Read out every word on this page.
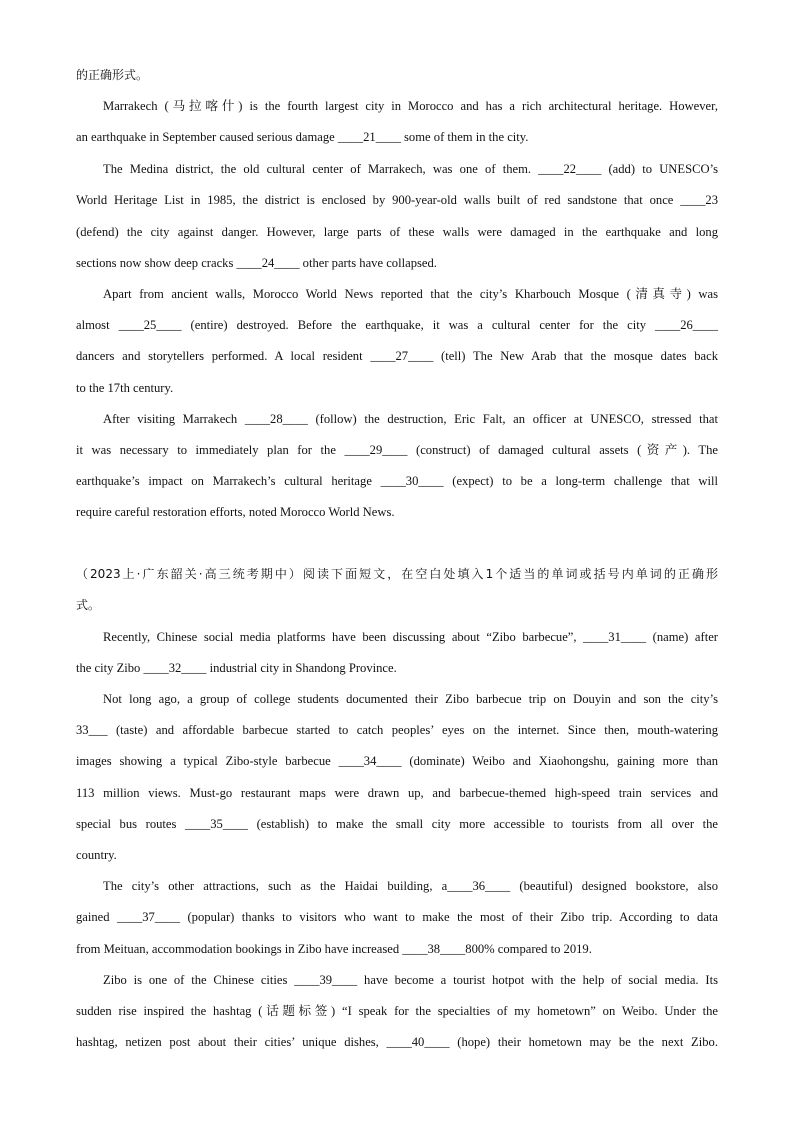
的正确形式。
Marrakech (马拉喀什) is the fourth largest city in Morocco and has a rich architectural heritage. However,
an earthquake in September caused serious damage ____21____ some of them in the city.
The Medina district, the old cultural center of Marrakech, was one of them. ____22____ (add) to UNESCO’s
World Heritage List in 1985, the district is enclosed by 900-year-old walls built of red sandstone that once ____23
(defend) the city against danger. However, large parts of these walls were damaged in the earthquake and long
sections now show deep cracks ____24____ other parts have collapsed.
Apart from ancient walls, Morocco World News reported that the city’s Kharbouch Mosque (清真寺) was
almost ____25____ (entire) destroyed. Before the earthquake, it was a cultural center for the city ____26____
dancers and storytellers performed. A local resident ____27____ (tell) The New Arab that the mosque dates back
to the 17th century.
After visiting Marrakech ____28____ (follow) the destruction, Eric Falt, an officer at UNESCO, stressed that
it was necessary to immediately plan for the ____29____ (construct) of damaged cultural assets (资产). The
earthquake’s impact on Marrakech’s cultural heritage ____30____ (expect) to be a long-term challenge that will
require careful restoration efforts, noted Morocco World News.
（2023上·广东韶关·高三统考期中）阅读下面短文，在空白处填入1个适当的单词或括号内单词的正确形
式。
Recently, Chinese social media platforms have been discussing about “Zibo barbecue”, ____31____ (name) after
the city Zibo ____32____ industrial city in Shandong Province.
Not long ago, a group of college students documented their Zibo barbecue trip on Douyin and son the city’s
33___ (taste) and affordable barbecue started to catch peoples’ eyes on the internet. Since then, mouth-watering
images showing a typical Zibo-style barbecue ____34____ (dominate) Weibo and Xiaohongshu, gaining more than
113 million views. Must-go restaurant maps were drawn up, and barbecue-themed high-speed train services and
special bus routes ____35____ (establish) to make the small city more accessible to tourists from all over the
country.
The city’s other attractions, such as the Haidai building, a____36____ (beautiful) designed bookstore, also
gained ____37____ (popular) thanks to visitors who want to make the most of their Zibo trip. According to data
from Meituan, accommodation bookings in Zibo have increased ____38____800% compared to 2019.
Zibo is one of the Chinese cities ____39____ have become a tourist hotpot with the help of social media. Its
sudden rise inspired the hashtag (话题标签) “I speak for the specialties of my hometown” on Weibo. Under the
hashtag, netizen post about their cities’ unique dishes, ____40____ (hope) their hometown may be the next Zibo.
